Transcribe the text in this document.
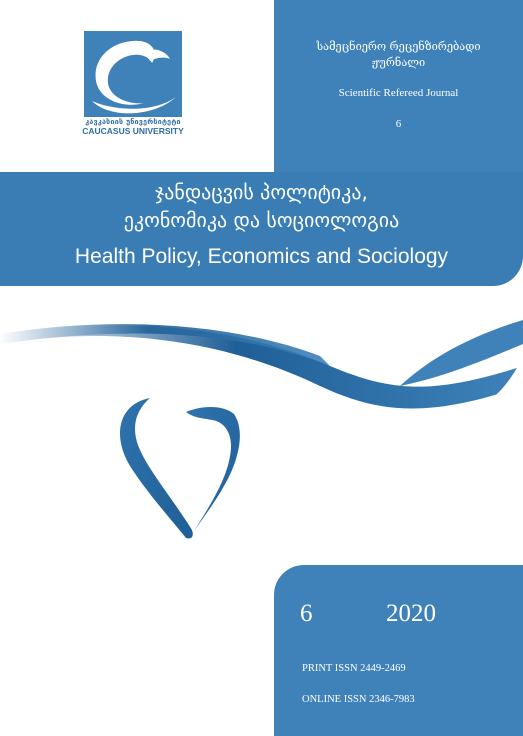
კავკასიის უნივერსიტეტი
CAUCASUS UNIVERSITY
სამეცნიერო რეცენზირებადი
ჟურნალი
Scientific Refereed Journal
6
ჯანდაცვის პოლიტიკა,
ეკონომიკა და სოციოლოგია
Health Policy, Economics and Sociology
6	2020
PRINT ISSN 2449-2469
ONLINE ISSN 2346-7983
